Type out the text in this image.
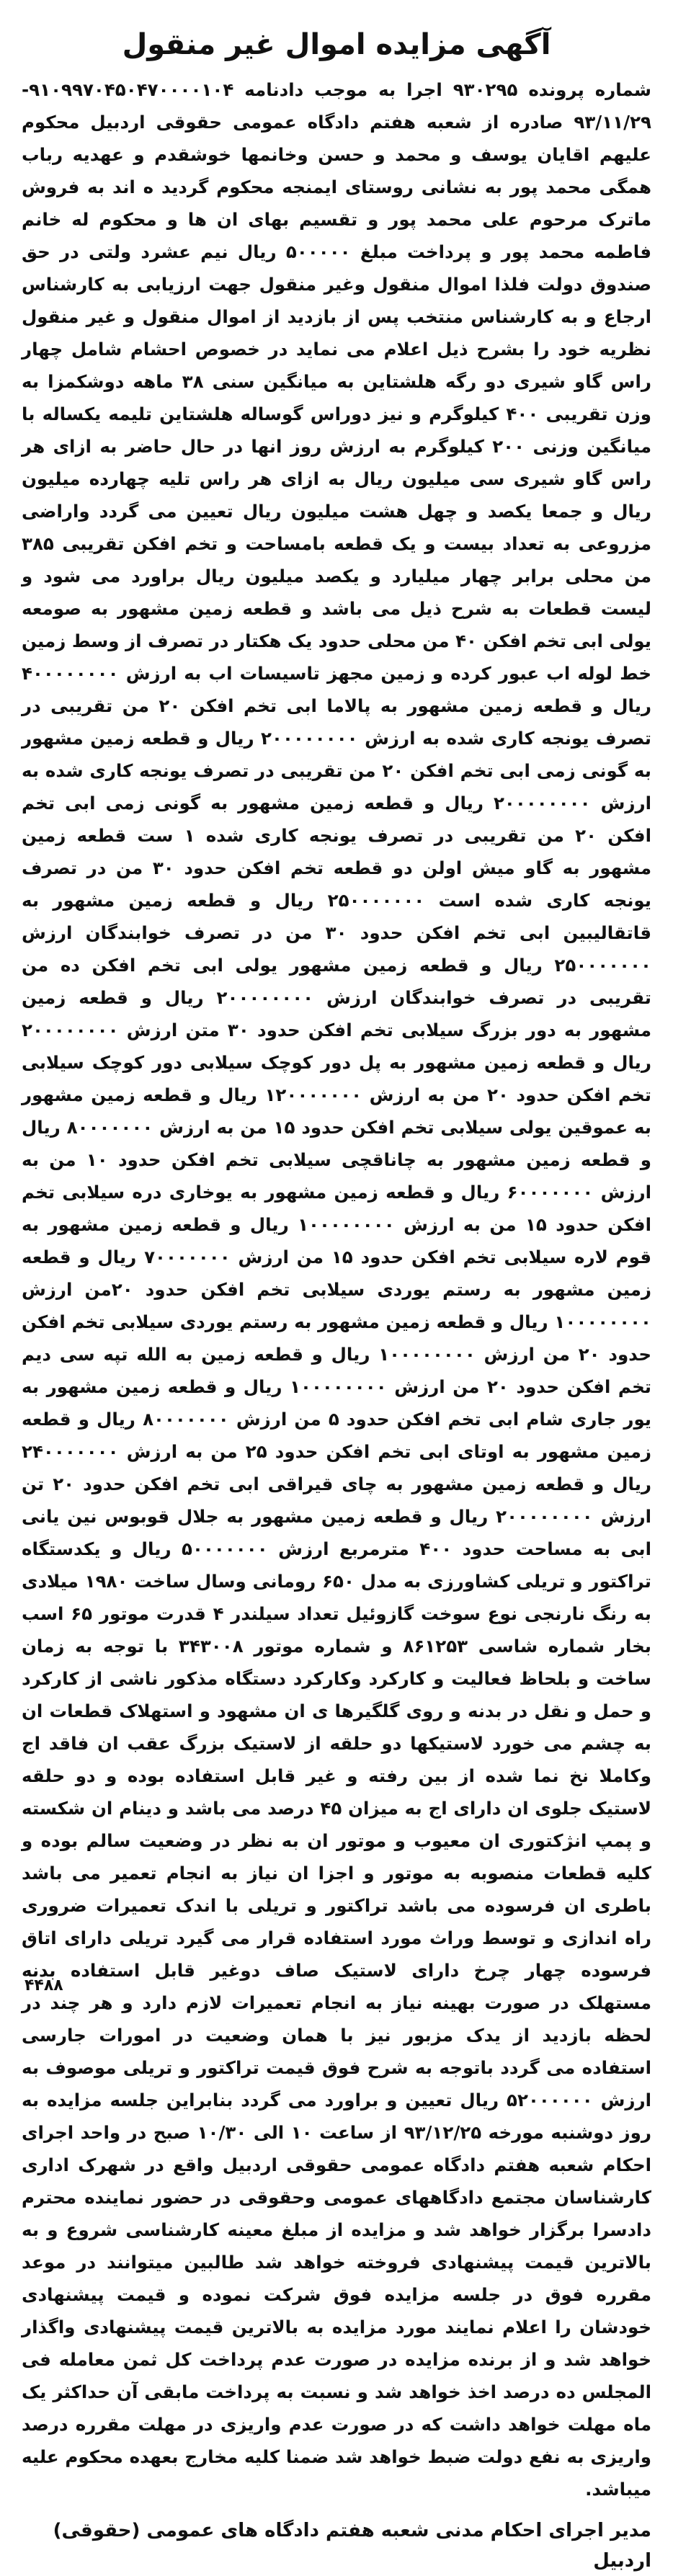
آگهی مزایده اموال غیر منقول

شماره پرونده ۹۳۰۲۹۵ اجرا به موجب دادنامه ۹۱۰۹۹۷۰۴۵۰۴۷۰۰۰۰۱۰۴- ۹۳/۱۱/۲۹ صادره از شعبه هفتم دادگاه عمومی حقوقی اردبیل محکوم علیهم اقایان یوسف و محمد و حسن وخانمها خوشقدم و عهدیه رباب همگی محمد پور به نشانی روستای ایمنجه محکوم گردید ه اند به فروش ماترک مرحوم علی محمد پور و تقسیم بهای ان ها و محکوم له خانم فاطمه محمد پور و پرداخت مبلغ ۵۰۰۰۰۰ ریال نیم عشرد ولتی در حق صندوق دولت فلذا اموال منقول وغیر منقول جهت ارزیابی به کارشناس ارجاع و به کارشناس منتخب پس از بازدید از اموال منقول و غیر منقول نظریه خود را بشرح ذیل اعلام می نماید در خصوص احشام شامل چهار راس گاو شیری دو رگه هلشتاین به میانگین سنی ۳۸ ماهه دوشکمزا به وزن تقریبی ۴۰۰ کیلوگرم و نیز دوراس گوساله هلشتاین تلیمه یکساله با میانگین وزنی ۲۰۰ کیلوگرم به ارزش روز انها در حال حاضر به ازای هر راس گاو شیری سی میلیون ریال به ازای هر راس تلیه چهارده میلیون ریال و جمعا یکصد و چهل هشت میلیون ریال تعیین می گردد واراضی مزروعی به تعداد بیست و یک قطعه بامساحت و تخم افکن تقریبی ۳۸۵ من محلی برابر چهار میلیارد و یکصد میلیون ریال براورد می شود و لیست قطعات به شرح ذیل می باشد و قطعه زمین مشهور به صومعه یولی ابی تخم افکن ۴۰ من محلی حدود یک هکتار در تصرف از وسط زمین خط لوله اب عبور کرده و زمین مجهز تاسیسات اب به ارزش ۴۰۰۰۰۰۰۰۰ ریال و قطعه زمین مشهور به پالاما ابی تخم افکن ۲۰ من تقریبی در تصرف یونجه کاری شده به ارزش ۲۰۰۰۰۰۰۰۰ ریال و قطعه زمین مشهور به گونی زمی ابی تخم افکن ۲۰ من تقریبی در تصرف یونجه کاری شده به ارزش ۲۰۰۰۰۰۰۰۰ ریال و قطعه زمین مشهور به گونی زمی ابی تخم افکن ۲۰ من تقریبی در تصرف یونجه کاری شده ۱ ست قطعه زمین مشهور به گاو میش اولن دو قطعه تخم افکن حدود ۳۰ من در تصرف یونجه کاری شده است ۲۵۰۰۰۰۰۰۰ ریال و قطعه زمین مشهور به قاتقالیبین ابی تخم افکن حدود ۳۰ من در تصرف خوابندگان ارزش ۲۵۰۰۰۰۰۰۰ ریال و قطعه زمین مشهور یولی ابی تخم افکن ده من تقریبی در تصرف خوابندگان ارزش ۲۰۰۰۰۰۰۰۰ ریال و قطعه زمین مشهور به دور بزرگ سیلابی تخم افکن حدود ۳۰ متن ارزش ۲۰۰۰۰۰۰۰۰ ریال و قطعه زمین مشهور به پل دور کوچک سیلابی دور کوچک سیلابی تخم افکن حدود ۲۰ من به ارزش ۱۲۰۰۰۰۰۰۰ ریال و قطعه زمین مشهور به عموقین یولی سیلابی تخم افکن حدود ۱۵ من به ارزش ۸۰۰۰۰۰۰۰ ریال و قطعه زمین مشهور به چاناقچی سیلابی تخم افکن حدود ۱۰ من به ارزش ۶۰۰۰۰۰۰۰ ریال و قطعه زمین مشهور به یوخاری دره سیلابی تخم افکن حدود ۱۵ من به ارزش ۱۰۰۰۰۰۰۰۰ ریال و قطعه زمین مشهور به قوم لاره سیلابی تخم افکن حدود ۱۵ من ارزش ۷۰۰۰۰۰۰۰ ریال و قطعه زمین مشهور به رستم یوردی سیلابی تخم افکن حدود ۲۰من ارزش ۱۰۰۰۰۰۰۰۰ ریال و قطعه زمین مشهور به رستم یوردی سیلابی تخم افکن حدود ۲۰ من ارزش ۱۰۰۰۰۰۰۰۰ ریال و قطعه زمین به الله تپه سی دیم تخم افکن حدود ۲۰ من ارزش ۱۰۰۰۰۰۰۰۰ ریال و قطعه زمین مشهور به یور جاری شام ابی تخم افکن حدود ۵ من ارزش ۸۰۰۰۰۰۰۰ ریال و قطعه زمین مشهور به اوتای ابی تخم افکن حدود ۲۵ من به ارزش ۲۴۰۰۰۰۰۰۰ ریال و قطعه زمین مشهور به چای قیراقی ابی تخم افکن حدود ۲۰ تن ارزش ۲۰۰۰۰۰۰۰۰ ریال و قطعه زمین مشهور به جلال قوبوس نین یانی ابی به مساحت حدود ۴۰۰ مترمربع ارزش ۵۰۰۰۰۰۰۰ ریال و یکدستگاه تراکتور و تریلی کشاورزی به مدل ۶۵۰ رومانی وسال ساخت ۱۹۸۰ میلادی به رنگ نارنجی نوع سوخت گازوئیل تعداد سیلندر ۴ قدرت موتور ۶۵ اسب بخار شماره شاسی ۸۶۱۲۵۳ و شماره موتور ۳۴۳۰۰۸ با توجه به زمان ساخت و بلحاظ فعالیت و کارکرد وکارکرد دستگاه مذکور ناشی از کارکرد و حمل و نقل در بدنه و روی گلگیرها ی ان مشهود و استهلاک قطعات ان به چشم می خورد لاستیکها دو حلقه از لاستیک بزرگ عقب ان فاقد اج وکاملا نخ نما شده از بین رفته و غیر قابل استفاده بوده و دو حلقه لاستیک جلوی ان دارای اج به میزان ۴۵ درصد می باشد و دینام ان شکسته و پمپ انژکتوری ان معیوب و موتور ان به نظر در وضعیت سالم بوده و کلیه قطعات منصوبه به موتور و اجزا ان نیاز به انجام تعمیر می باشد باطری ان فرسوده می باشد تراکتور و تریلی با اندک تعمیرات ضروری راه اندازی و توسط وراث مورد استفاده قرار می گیرد تریلی دارای اتاق فرسوده چهار چرخ دارای لاستیک صاف دوغیر قابل استفاده بدنه مستهلک در صورت بهینه نیاز به انجام تعمیرات لازم دارد و هر چند در لحظه بازدید از یدک مزبور نیز با همان وضعیت در امورات جارسی استفاده می گردد باتوجه به شرح فوق قیمت تراکتور و تریلی موصوف به ارزش ۵۲۰۰۰۰۰۰ ریال تعیین و براورد می گردد بنابراین جلسه مزایده به روز دوشنبه مورخه ۹۳/۱۲/۲۵ از ساعت ۱۰ الی ۱۰/۳۰ صبح در واحد اجرای احکام شعبه هفتم دادگاه عمومی حقوقی اردبیل واقع در شهرک اداری کارشناسان مجتمع دادگاههای عمومی وحقوقی در حضور نماینده محترم دادسرا برگزار خواهد شد و مزایده از مبلغ معینه کارشناسی شروع و به بالاترین قیمت پیشنهادی فروخته خواهد شد طالبین میتوانند در موعد مقرره فوق در جلسه مزایده فوق شرکت نموده و قیمت پیشنهادی خودشان را اعلام نمایند مورد مزایده به بالاترین قیمت پیشنهادی واگذار خواهد شد و از برنده مزایده در صورت عدم پرداخت کل ثمن معامله فی المجلس ده درصد اخذ خواهد شد و نسبت به پرداخت مابقی آن حداکثر یک ماه مهلت خواهد داشت که در صورت عدم واریزی در مهلت مقرره درصد واریزی به نفع دولت ضبط خواهد شد ضمنا کلیه مخارج بعهده محکوم علیه میباشد.

مدیر اجرای احکام مدنی شعبه هفتم دادگاه های عمومی (حقوقی) اردبیل
۴۴۸۸
